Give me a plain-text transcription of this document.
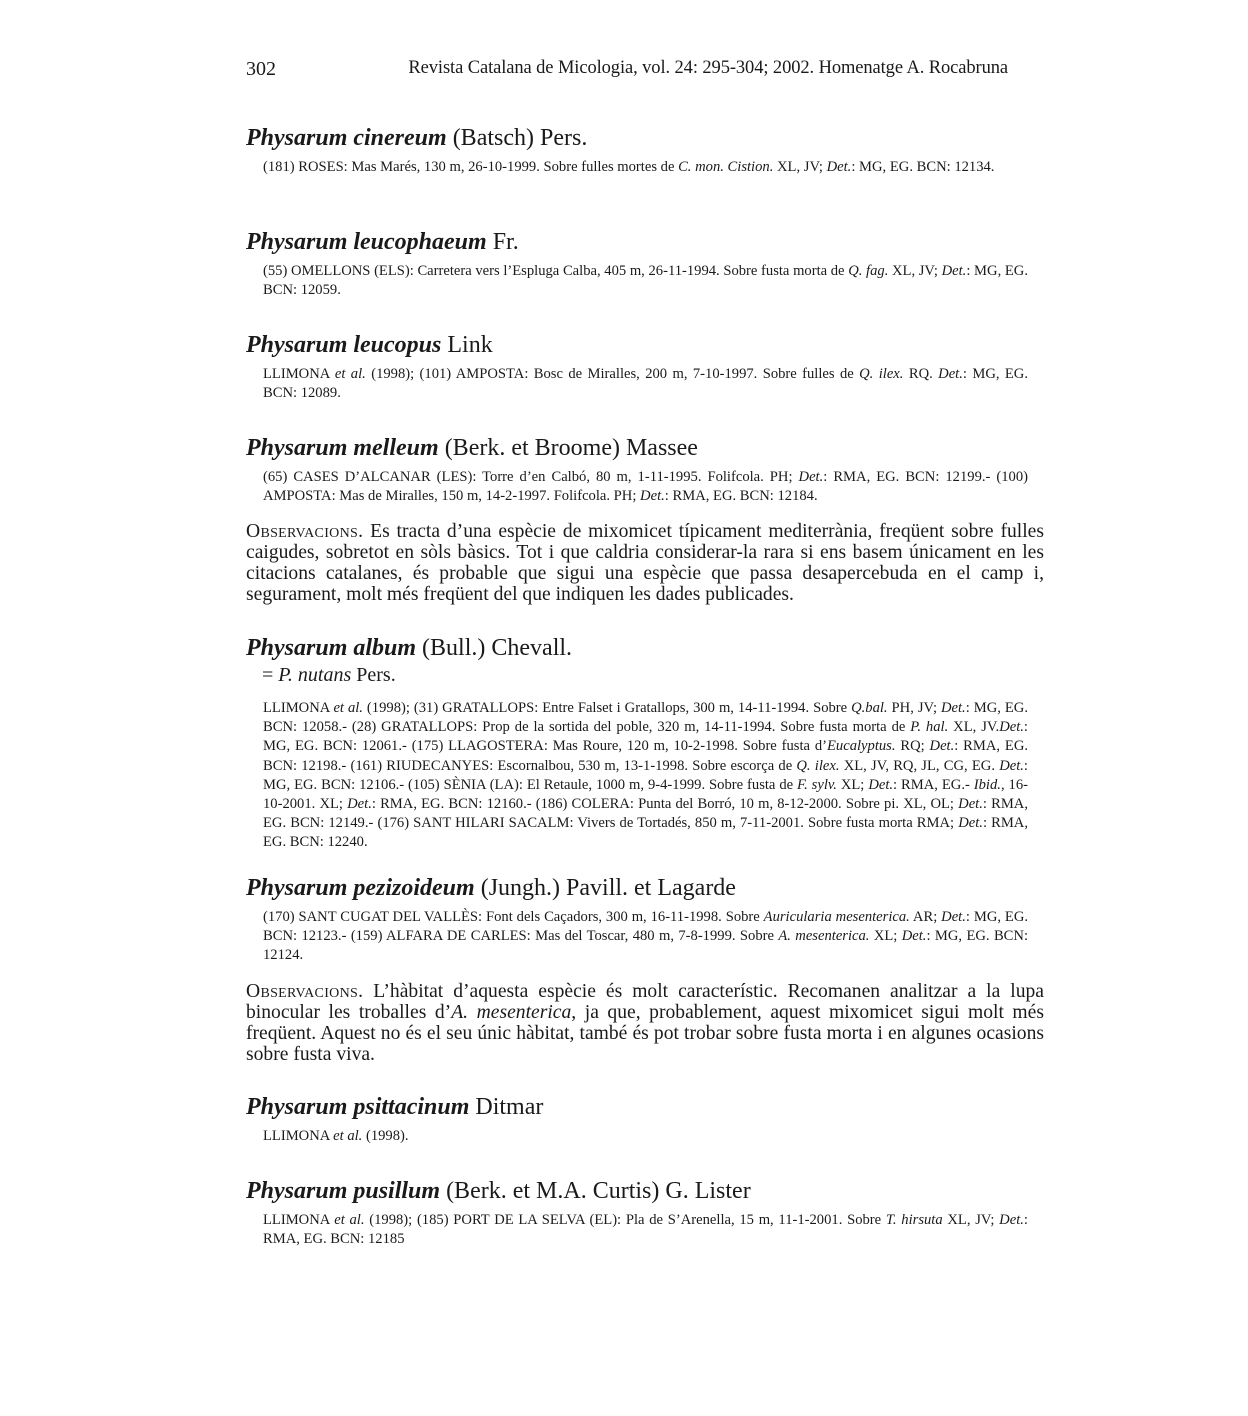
302	Revista Catalana de Micologia, vol. 24: 295-304; 2002. Homenatge A. Rocabruna
Physarum cinereum (Batsch) Pers.
(181) ROSES: Mas Marés, 130 m, 26-10-1999. Sobre fulles mortes de C. mon. Cistion. XL, JV; Det.: MG, EG. BCN: 12134.
Physarum leucophaeum Fr.
(55) OMELLONS (ELS): Carretera vers l’Espluga Calba, 405 m, 26-11-1994. Sobre fusta morta de Q. fag. XL, JV; Det.: MG, EG. BCN: 12059.
Physarum leucopus Link
LLIMONA et al. (1998); (101) AMPOSTA: Bosc de Miralles, 200 m, 7-10-1997. Sobre fulles de Q. ilex. RQ. Det.: MG, EG. BCN: 12089.
Physarum melleum (Berk. et Broome) Massee
(65) CASES D’ALCANAR (LES): Torre d’en Calbó, 80 m, 1-11-1995. Folifcola. PH; Det.: RMA, EG. BCN: 12199.- (100) AMPOSTA: Mas de Miralles, 150 m, 14-2-1997. Folifcola. PH; Det.: RMA, EG. BCN: 12184.
Observacions. Es tracta d’una espècie de mixomicet típicament mediterrània, freqüent sobre fulles caigudes, sobretot en sòls bàsics. Tot i que caldria considerar-la rara si ens basem únicament en les citacions catalanes, és probable que sigui una espècie que passa desapercebuda en el camp i, segurament, molt més freqüent del que indiquen les dades publicades.
Physarum album (Bull.) Chevall.
= P. nutans Pers.
LLIMONA et al. (1998); (31) GRATALLOPS: Entre Falset i Gratallops, 300 m, 14-11-1994. Sobre Q.bal. PH, JV; Det.: MG, EG. BCN: 12058.- (28) GRATALLOPS: Prop de la sortida del poble, 320 m, 14-11-1994. Sobre fusta morta de P. hal. XL, JV.Det.: MG, EG. BCN: 12061.- (175) LLAGOSTERA: Mas Roure, 120 m, 10-2-1998. Sobre fusta d’Eucalyptus. RQ; Det.: RMA, EG. BCN: 12198.- (161) RIUDECANYES: Escornalbou, 530 m, 13-1-1998. Sobre escorça de Q. ilex. XL, JV, RQ, JL, CG, EG. Det.: MG, EG. BCN: 12106.- (105) SÈNIA (LA): El Retaule, 1000 m, 9-4-1999. Sobre fusta de F. sylv. XL; Det.: RMA, EG.- Ibid., 16-10-2001. XL; Det.: RMA, EG. BCN: 12160.- (186) COLERA: Punta del Borró, 10 m, 8-12-2000. Sobre pi. XL, OL; Det.: RMA, EG. BCN: 12149.- (176) SANT HILARI SACALM: Vivers de Tortadés, 850 m, 7-11-2001. Sobre fusta morta RMA; Det.: RMA, EG. BCN: 12240.
Physarum pezizoideum (Jungh.) Pavill. et Lagarde
(170) SANT CUGAT DEL VALLÈS: Font dels Caçadors, 300 m, 16-11-1998. Sobre Auricularia mesenterica. AR; Det.: MG, EG. BCN: 12123.- (159) ALFARA DE CARLES: Mas del Toscar, 480 m, 7-8-1999. Sobre A. mesenterica. XL; Det.: MG, EG. BCN: 12124.
Observacions. L’hàbitat d’aquesta espècie és molt característic. Recomanen analitzar a la lupa binocular les troballes d’A. mesenterica, ja que, probablement, aquest mixomicet sigui molt més freqüent. Aquest no és el seu únic hàbitat, també és pot trobar sobre fusta morta i en algunes ocasions sobre fusta viva.
Physarum psittacinum Ditmar
LLIMONA et al. (1998).
Physarum pusillum (Berk. et M.A. Curtis) G. Lister
LLIMONA et al. (1998); (185) PORT DE LA SELVA (EL): Pla de S’Arenella, 15 m, 11-1-2001. Sobre T. hirsuta XL, JV; Det.: RMA, EG. BCN: 12185
